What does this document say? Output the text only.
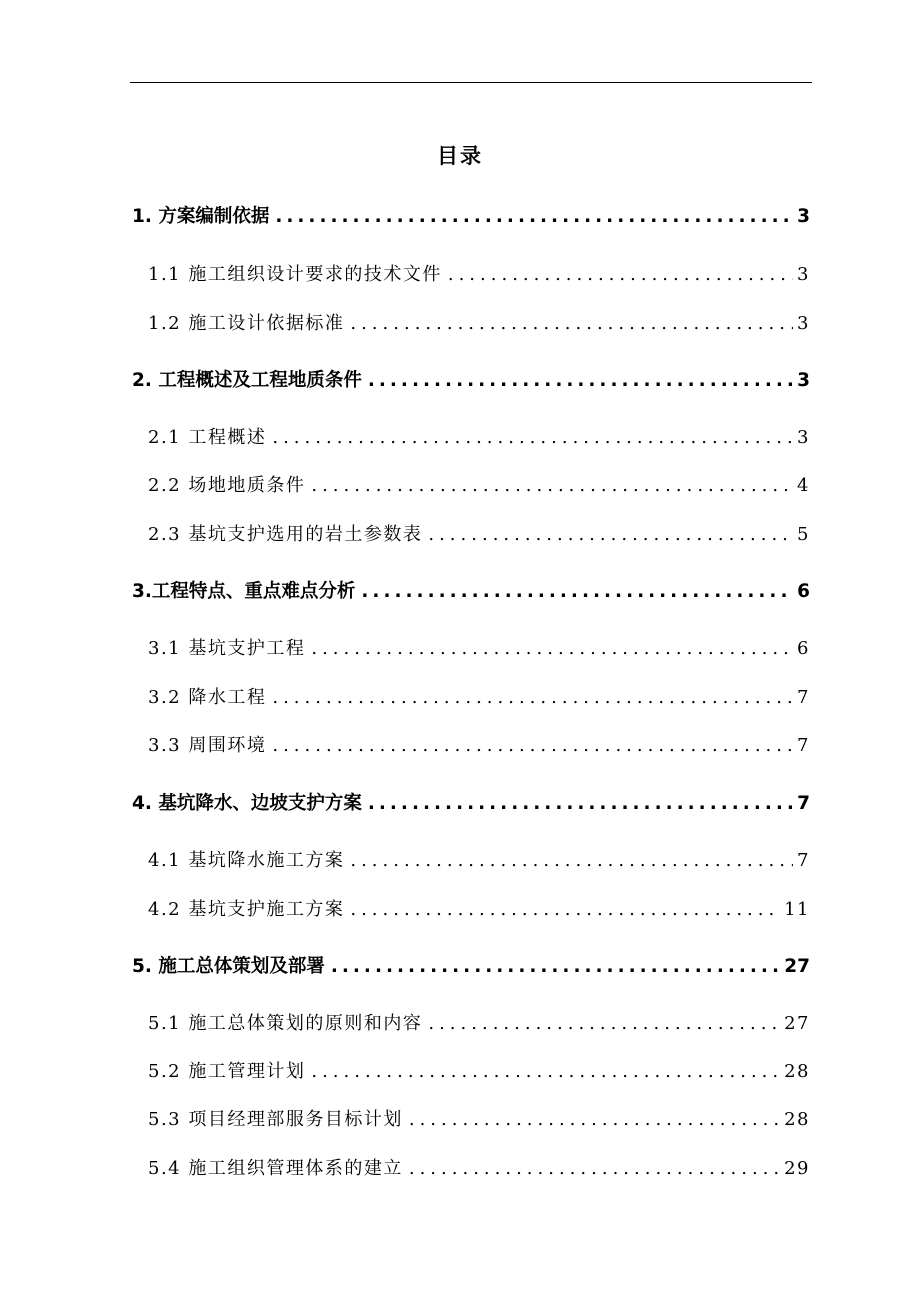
目录
1. 方案编制依据 .....	3
1.1 施工组织设计要求的技术文件 .....	3
1.2 施工设计依据标准 .....	3
2. 工程概述及工程地质条件 .....	3
2.1 工程概述 .....	3
2.2 场地地质条件 .....	4
2.3 基坑支护选用的岩土参数表 .....	5
3.工程特点、重点难点分析 .....	6
3.1 基坑支护工程 .....	6
3.2 降水工程 .....	7
3.3 周围环境 .....	7
4. 基坑降水、边坡支护方案 .....	7
4.1 基坑降水施工方案 .....	7
4.2 基坑支护施工方案 .....	11
5. 施工总体策划及部署 .....	27
5.1 施工总体策划的原则和内容 .....	27
5.2 施工管理计划 .....	28
5.3 项目经理部服务目标计划 .....	28
5.4 施工组织管理体系的建立 .....	29
